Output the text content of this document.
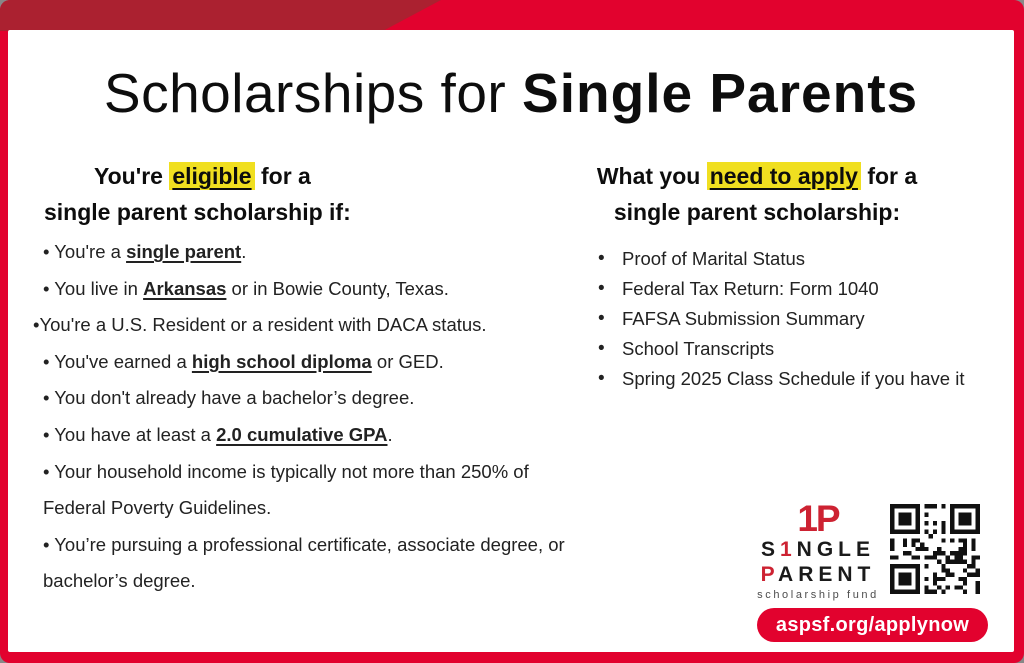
Scholarships for Single Parents
You're eligible for a
single parent scholarship if:
What you need to apply for a
single parent scholarship:

• You're a single parent.

• You live in Arkansas or in Bowie County, Texas.

•You're a U.S. Resident or a resident with DACA status.

• You've earned a high school diploma or GED.

• You don't already have a bachelor’s degree.

• You have at least a 2.0 cumulative GPA.

• Your household income is typically not more than 250% of Federal Poverty Guidelines.

• You’re pursuing a professional certificate, associate degree, or bachelor’s degree.

• Proof of Marital Status
• Federal Tax Return: Form 1040
• FAFSA Submission Summary
• School Transcripts
• Spring 2025 Class Schedule if you have it
1P
S1NGLE
PARENT
scholarship fund
aspsf.org/applynow
